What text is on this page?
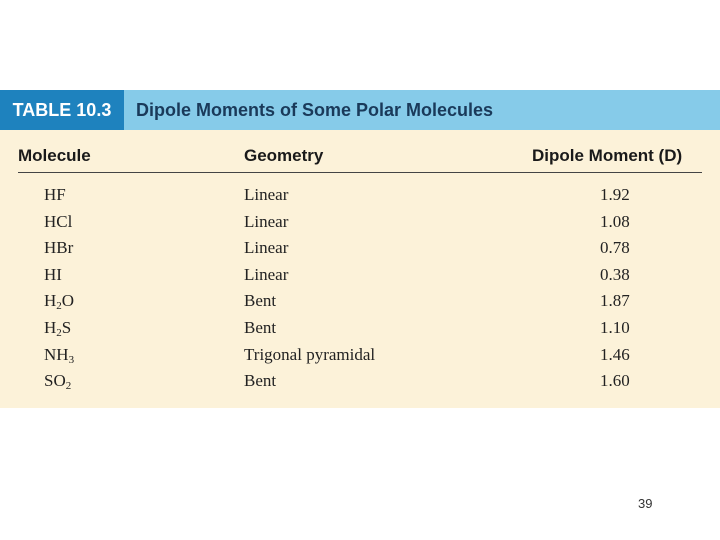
TABLE 10.3	Dipole Moments of Some Polar Molecules
Molecule	Geometry	Dipole Moment (D)
HF	Linear	1.92
HCl	Linear	1.08
HBr	Linear	0.78
HI	Linear	0.38
$H_2O$	Bent	1.87
$H_2S$	Bent	1.10
$NH_3$	Trigonal pyramidal	1.46
$SO_2$	Bent	1.60
39
